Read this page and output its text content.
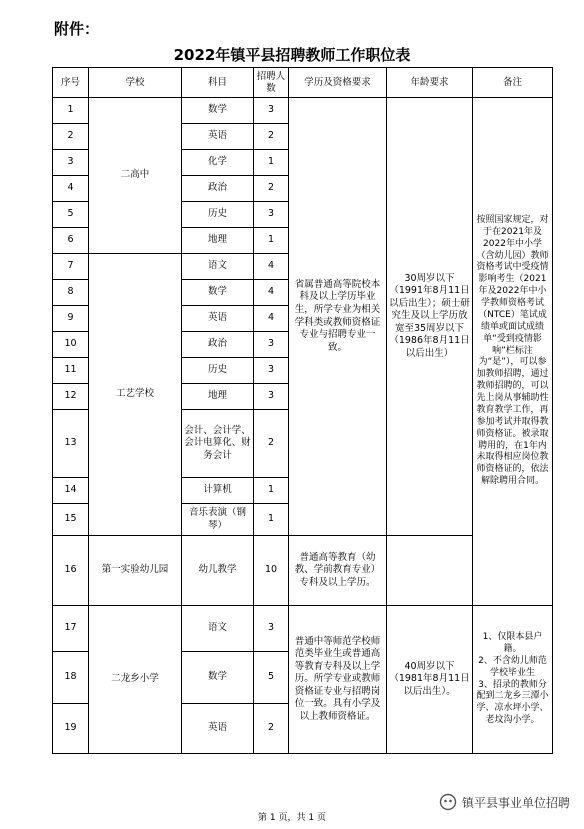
附件：
2022年镇平县招聘教师工作职位表
序号	学校	科目	招聘人数	学历及资格要求	年龄要求	备注
1	二高中	数学	3	省属普通高等院校本科及以上学历毕业生，所学专业为相关学科类或教师资格证专业与招聘专业一致。	30周岁以下（1991年8月11日以后出生）；硕士研究生及以上学历放宽至35周岁以下（1986年8月11日以后出生）	按照国家规定，对于在2021年及2022年中小学（含幼儿园）教师资格考试中受疫情影响考生（2021年及2022年中小学教师资格考试（NTCE）笔试成绩单或面试成绩单“受到疫情影响”栏标注为“是”），可以参加教师招聘，通过教师招聘的，可以先上岗从事辅助性教育教学工作，再参加考试并取得教师资格证。被录取聘用的，在1年内未取得相应岗位教师资格证的，依法解除聘用合同。
2		英语	2			
3		化学	1			
4		政治	2			
5		历史	3			
6		地理	1			
7	工艺学校	语文	4			
8		数学	4			
9		英语	4			
10		政治	3			
11		历史	3			
12		地理	3			
13		会计、会计学、会计电算化、财务会计	2			
14		计算机	1			
15		音乐表演（钢琴）	1			
16	第一实验幼儿园	幼儿教学	10	普通高等教育（幼教、学前教育专业）专科及以上学历。		
17	二龙乡小学	语文	3	普通中等师范学校师范类毕业生或普通高等教育专科及以上学历。所学专业或教师资格证专业与招聘岗位一致。具有小学及以上教师资格证。	40周岁以下（1981年8月11日以后出生）。	1、仅限本县户籍。
2、不含幼儿师范学校毕业生
3、招录的教师分配到二龙乡三潭小学、凉水坪小学、老坟沟小学。
18		数学	5			
19		英语	2			
镇平县事业单位招聘
第 1 页，共 1 页
